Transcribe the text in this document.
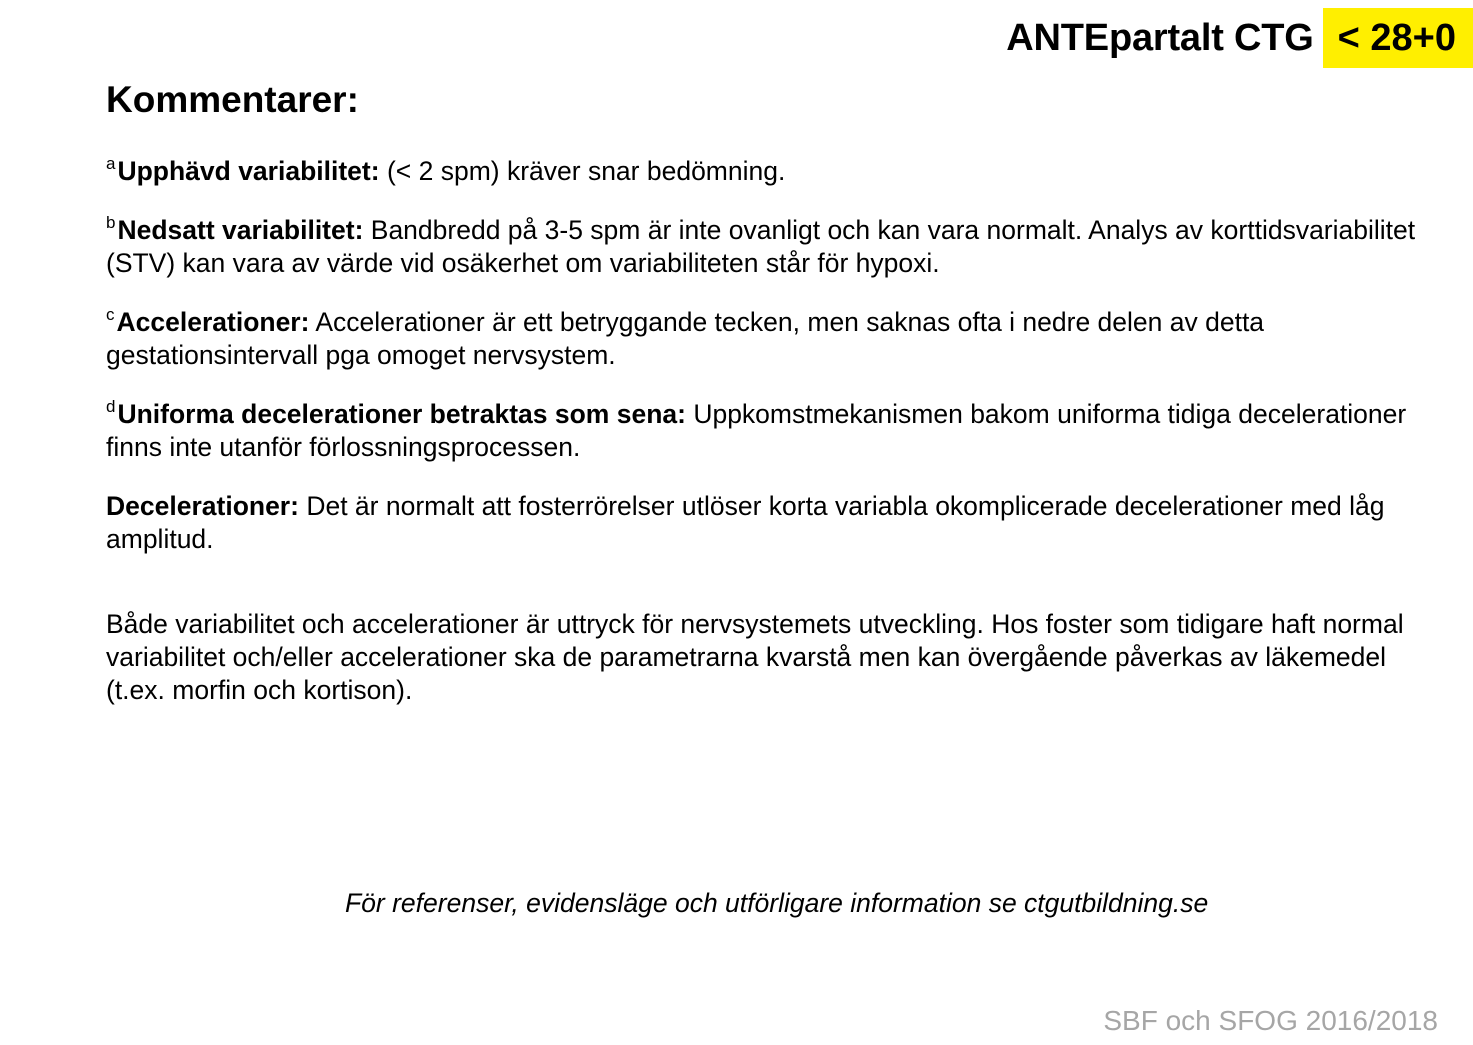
ANTEpartalt CTG < 28+0
Kommentarer:

$^a$Upphävd variabilitet: (< 2 spm) kräver snar bedömning.

$^b$Nedsatt variabilitet: Bandbredd på 3-5 spm är inte ovanligt och kan vara normalt. Analys av korttidsvariabilitet (STV) kan vara av värde vid osäkerhet om variabiliteten står för hypoxi.

$^c$Accelerationer: Accelerationer är ett betryggande tecken, men saknas ofta i nedre delen av detta gestationsintervall pga omoget nervsystem.

$^d$Uniforma decelerationer betraktas som sena: Uppkomstmekanismen bakom uniforma tidiga decelerationer finns inte utanför förlossningsprocessen.

Decelerationer: Det är normalt att fosterrörelser utlöser korta variabla okomplicerade decelerationer med låg amplitud.

Både variabilitet och accelerationer är uttryck för nervsystemets utveckling. Hos foster som tidigare haft normal variabilitet och/eller accelerationer ska de parametrarna kvarstå men kan övergående påverkas av läkemedel (t.ex. morfin och kortison).

För referenser, evidensläge och utförligare information se ctgutbildning.se
SBF och SFOG 2016/2018
